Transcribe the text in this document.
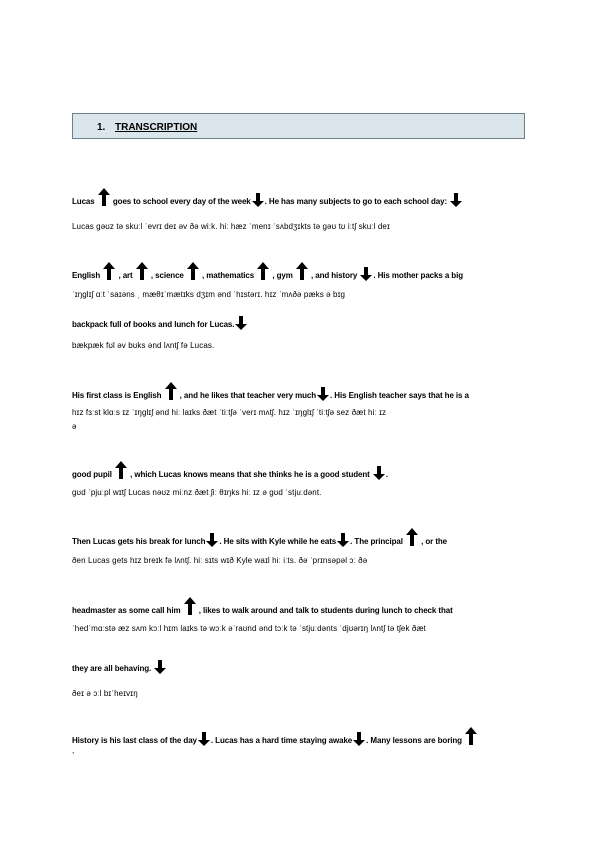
1. TRANSCRIPTION
Lucas
goes to school every day of the week . He has many subjects to go to each school day:
Lucas gəʊz tə skuːl ˈevrɪ deɪ əv ðə wiːk. hiː hæz ˈmenɪ ˈsʌbdʒɪkts tə gəʊ tʊ iːtʃ skuːl deɪ
English
, art
, science
, mathematics
, gym
, and history
. His mother packs a big
ˈɪŋglɪʃ ɑːt ˈsaɪəns ˌ mæθɪˈmætɪks dʒɪm ənd ˈhɪstərɪ. hɪz ˈmʌðə pæks ə bɪg
backpack full of books and lunch for Lucas.
bækpæk fʊl əv bʊks ənd lʌntʃ fə Lucas.
His first class is English
, and he likes that teacher very much . His English teacher says that he is a
hɪz fɜːst klɑːs ɪz ˈɪŋglɪʃ ənd hiː laɪks ðæt ˈtiːtʃə ˈverɪ mʌtʃ. hɪz ˈɪŋglɪʃ ˈtiːtʃə sez ðæt hiː ɪz
ə
good pupil
, which Lucas knows means that she thinks he is a good student
.
gʊd ˈpjuːpl wɪtʃ Lucas nəʊz miːnz ðæt ʃiː θɪŋks hiː ɪz ə gʊd ˈstjuːdənt.
Then Lucas gets his break for lunch . He sits with Kyle while he eats . The principal
, or the
ðen Lucas gets hɪz breɪk fə lʌntʃ. hiː sɪts wɪð Kyle waɪl hiː iːts. ðə ˈprɪnsəpəl ɔː ðə
headmaster as some call him
, likes to walk around and talk to students during lunch to check that
ˈhedˈmɑːstə æz sʌm kɔːl hɪm laɪks tə wɔːk əˈraʊnd ənd tɔːk tə ˈstjuːdənts ˈdjʊərɪŋ lʌntʃ tə tʃek ðæt
they are all behaving.
ðeɪ ə ɔːl bɪˈheɪvɪŋ
History is his last class of the day . Lucas has a hard time staying awake . Many lessons are boring
,
